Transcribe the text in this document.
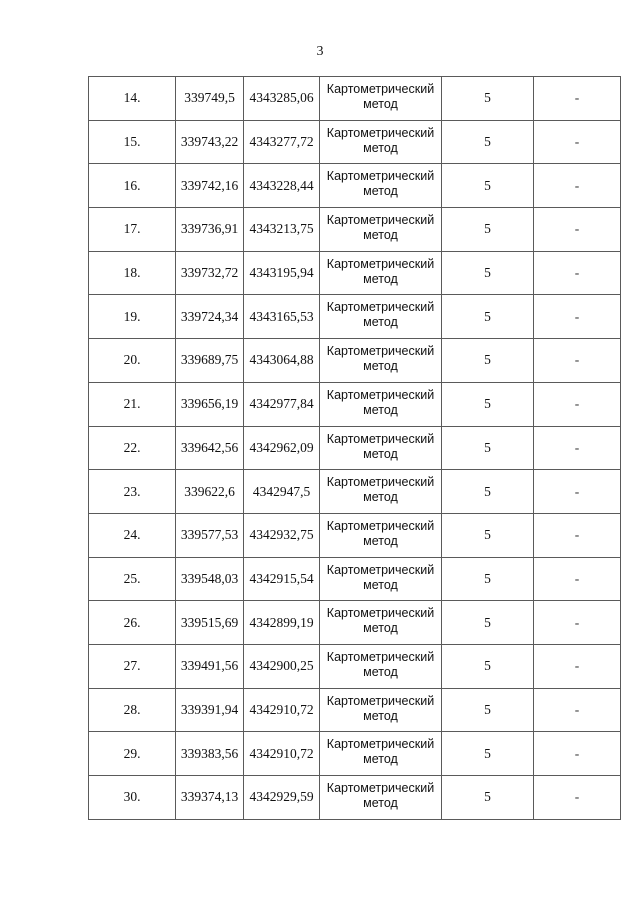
3
14.	339749,5	4343285,06	Картометрический метод	5	-
15.	339743,22	4343277,72	Картометрический метод	5	-
16.	339742,16	4343228,44	Картометрический метод	5	-
17.	339736,91	4343213,75	Картометрический метод	5	-
18.	339732,72	4343195,94	Картометрический метод	5	-
19.	339724,34	4343165,53	Картометрический метод	5	-
20.	339689,75	4343064,88	Картометрический метод	5	-
21.	339656,19	4342977,84	Картометрический метод	5	-
22.	339642,56	4342962,09	Картометрический метод	5	-
23.	339622,6	4342947,5	Картометрический метод	5	-
24.	339577,53	4342932,75	Картометрический метод	5	-
25.	339548,03	4342915,54	Картометрический метод	5	-
26.	339515,69	4342899,19	Картометрический метод	5	-
27.	339491,56	4342900,25	Картометрический метод	5	-
28.	339391,94	4342910,72	Картометрический метод	5	-
29.	339383,56	4342910,72	Картометрический метод	5	-
30.	339374,13	4342929,59	Картометрический метод	5	-
